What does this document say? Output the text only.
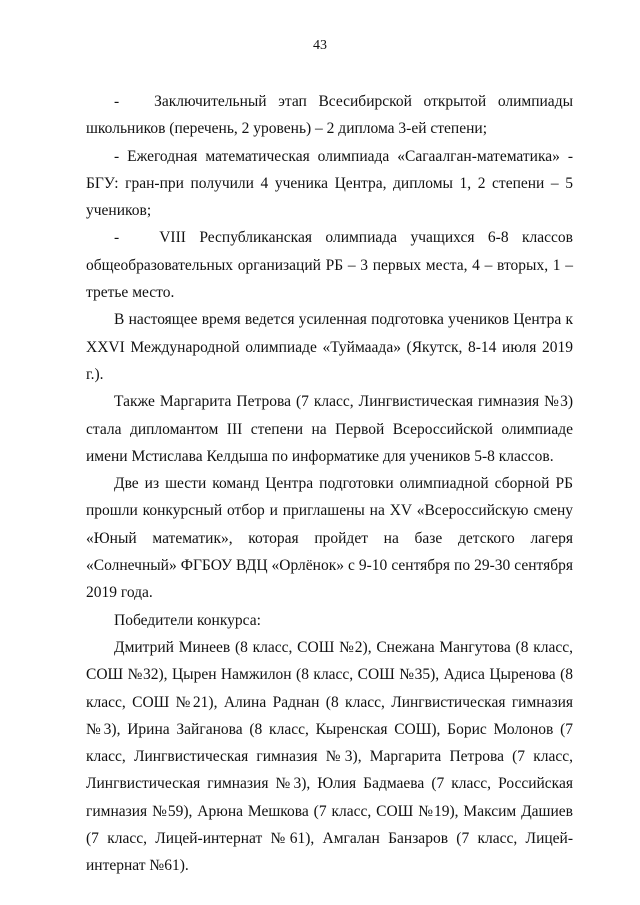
43

-   Заключительный этап Всесибирской открытой олимпиады школьников (перечень, 2 уровень) – 2 диплома 3-ей степени;

- Ежегодная математическая олимпиада «Сагаалган-математика» - БГУ: гран-при получили 4 ученика Центра, дипломы 1, 2 степени – 5 учеников;

-   VIII Республиканская олимпиада учащихся 6-8 классов общеобразовательных организаций РБ – 3 первых места, 4 – вторых, 1 – третье место.

В настоящее время ведется усиленная подготовка учеников Центра к XXVI Международной олимпиаде «Туймаада» (Якутск, 8-14 июля 2019 г.).

Также Маргарита Петрова (7 класс, Лингвистическая гимназия №3) стала дипломантом III степени на Первой Всероссийской олимпиаде имени Мстислава Келдыша по информатике для учеников 5-8 классов.

Две из шести команд Центра подготовки олимпиадной сборной РБ прошли конкурсный отбор и приглашены на XV «Всероссийскую смену «Юный математик», которая пройдет на базе детского лагеря «Солнечный» ФГБОУ ВДЦ «Орлёнок» с 9-10 сентября по 29-30 сентября 2019 года.

Победители конкурса:

Дмитрий Минеев (8 класс, СОШ №2), Снежана Мангутова (8 класс, СОШ №32), Цырен Намжилон (8 класс, СОШ №35), Адиса Цыренова (8 класс, СОШ №21), Алина Раднан (8 класс, Лингвистическая гимназия №3), Ирина Зайганова (8 класс, Кыренская СОШ), Борис Молонов (7 класс, Лингвистическая гимназия №3), Маргарита Петрова (7 класс, Лингвистическая гимназия №3), Юлия Бадмаева (7 класс, Российская гимназия №59), Арюна Мешкова (7 класс, СОШ №19), Максим Дашиев (7 класс, Лицей-интернат №61), Амгалан Банзаров (7 класс, Лицей-интернат №61).
